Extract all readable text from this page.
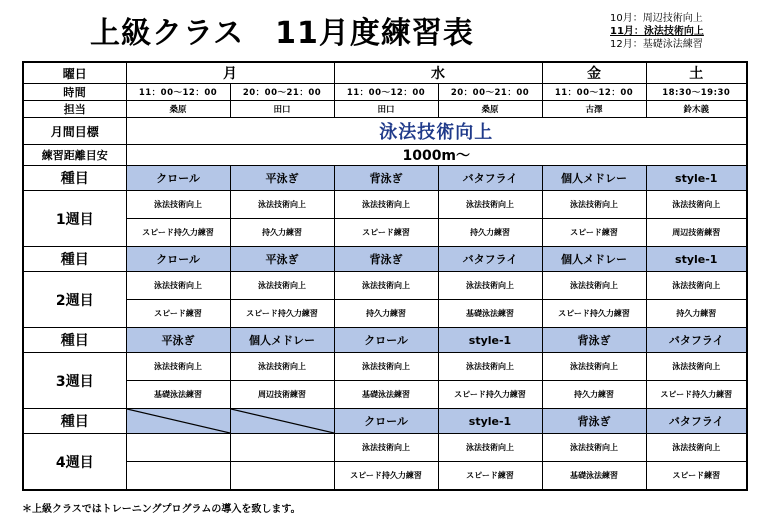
上級クラス　11月度練習表	10月：周辺技術向上
11月：泳法技術向上
12月：基礎泳法練習
曜日	月		水		金	土
時間	11：00～12：00	20：00～21：00	11：00～12：00	20：00～21：00	11：00～12：00	18:30～19:30
担当	桑原	田口	田口	桑原	古澤	鈴木義
月間目標	泳法技術向上					
練習距離目安	1000m～					
種目	クロール	平泳ぎ	背泳ぎ	バタフライ	個人メドレー	style-1
1週目	泳法技術向上	泳法技術向上	泳法技術向上	泳法技術向上	泳法技術向上	泳法技術向上
	スピード持久力練習	持久力練習	スピード練習	持久力練習	スピード練習	周辺技術練習
種目	クロール	平泳ぎ	背泳ぎ	バタフライ	個人メドレー	style-1
2週目	泳法技術向上	泳法技術向上	泳法技術向上	泳法技術向上	泳法技術向上	泳法技術向上
	スピード練習	スピード持久力練習	持久力練習	基礎泳法練習	スピード持久力練習	持久力練習
種目	平泳ぎ	個人メドレー	クロール	style-1	背泳ぎ	バタフライ
3週目	泳法技術向上	泳法技術向上	泳法技術向上	泳法技術向上	泳法技術向上	泳法技術向上
	基礎泳法練習	周辺技術練習	基礎泳法練習	スピード持久力練習	持久力練習	スピード持久力練習
種目			クロール	style-1	背泳ぎ	バタフライ
4週目			泳法技術向上	泳法技術向上	泳法技術向上	泳法技術向上
			スピード持久力練習	スピード練習	基礎泳法練習	スピード練習
＊上級クラスではトレーニングプログラムの導入を致します。
